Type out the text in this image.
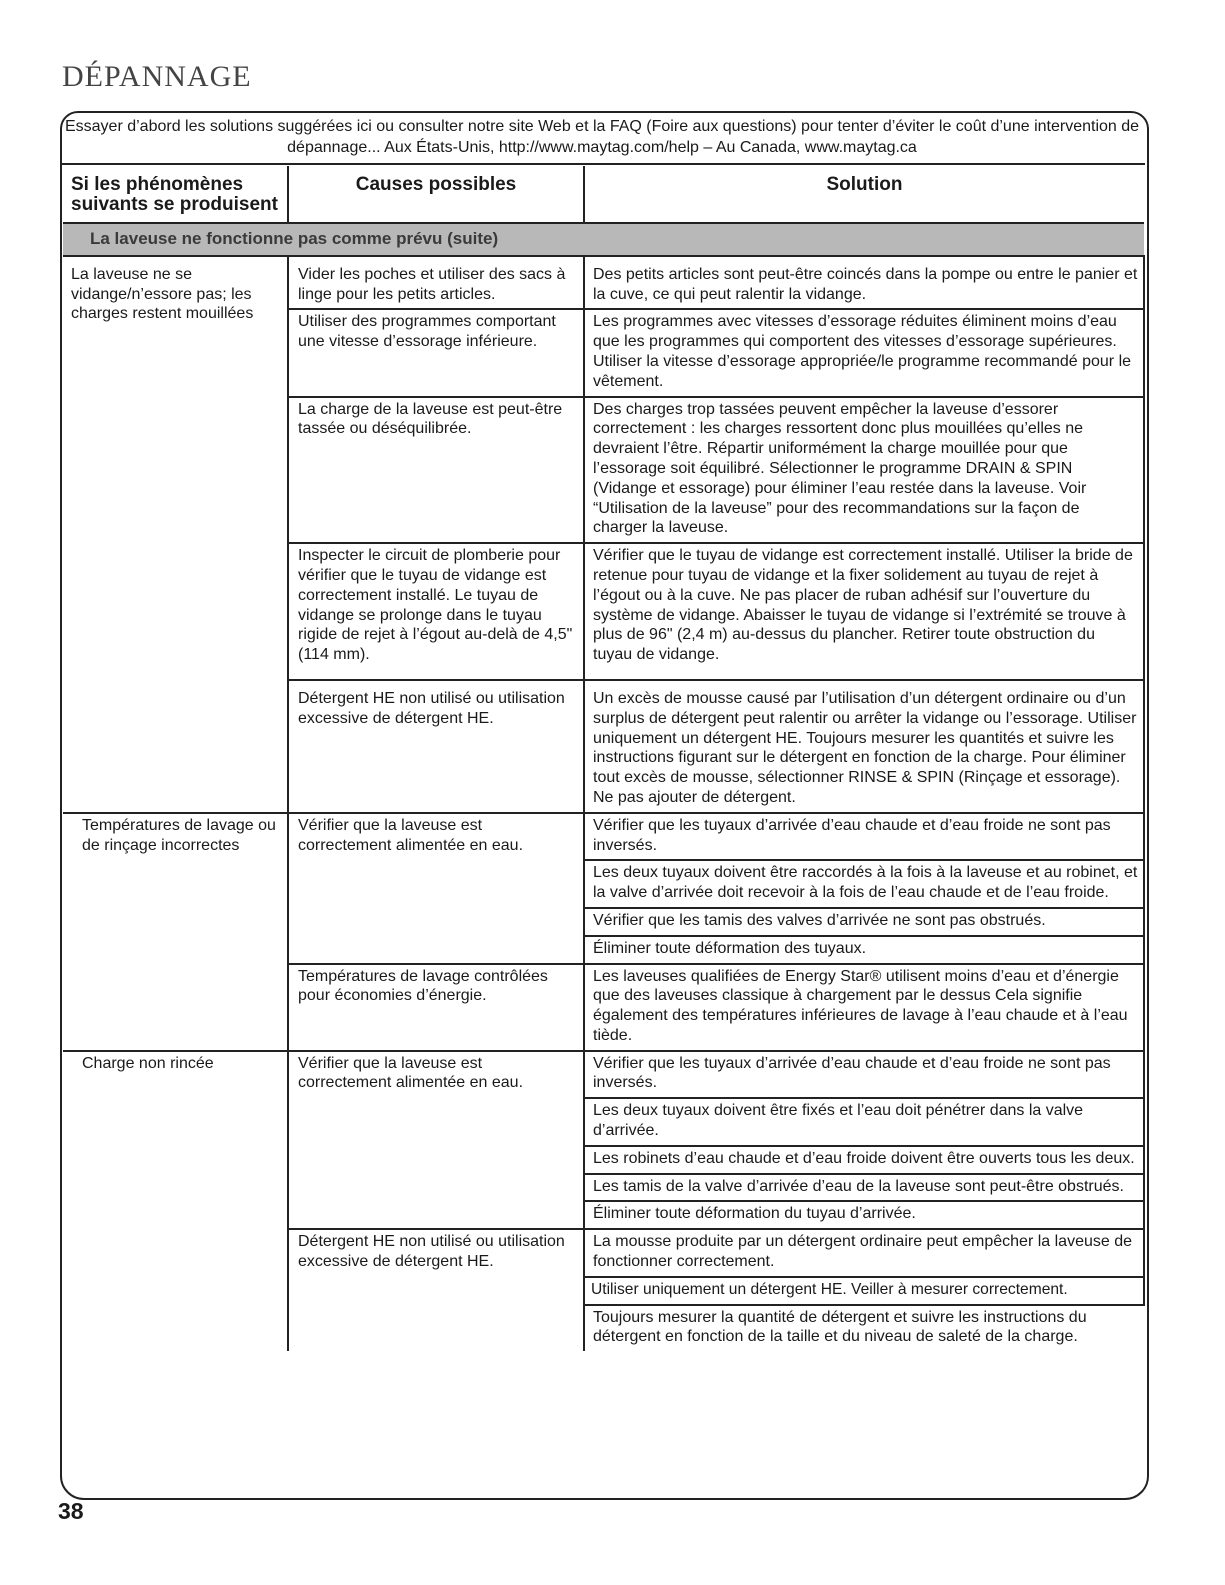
DÉPANNAGE
Essayer d’abord les solutions suggérées ici ou consulter notre site Web et la FAQ (Foire aux questions) pour tenter d’éviter le coût d’une intervention de dépannage... Aux États-Unis, http://www.maytag.com/help – Au Canada, www.maytag.ca
Si les phénomènes suivants se produisent	Causes possibles	Solution
La laveuse ne fonctionne pas comme prévu (suite)		
La laveuse ne se vidange/n’essore pas; les charges restent mouillées	Vider les poches et utiliser des sacs à linge pour les petits articles.	Des petits articles sont peut-être coincés dans la pompe ou entre le panier et la cuve, ce qui peut ralentir la vidange.
	Utiliser des programmes comportant une vitesse d’essorage inférieure.	Les programmes avec vitesses d’essorage réduites éliminent moins d’eau que les programmes qui comportent des vitesses d’essorage supérieures. Utiliser la vitesse d’essorage appropriée/le programme recommandé pour le vêtement.
	La charge de la laveuse est peut-être tassée ou déséquilibrée.	Des charges trop tassées peuvent empêcher la laveuse d’essorer correctement : les charges ressortent donc plus mouillées qu’elles ne devraient l’être. Répartir uniformément la charge mouillée pour que l’essorage soit équilibré. Sélectionner le programme DRAIN & SPIN (Vidange et essorage) pour éliminer l’eau restée dans la laveuse. Voir “Utilisation de la laveuse” pour des recommandations sur la façon de charger la laveuse.
	Inspecter le circuit de plomberie pour vérifier que le tuyau de vidange est correctement installé. Le tuyau de vidange se prolonge dans le tuyau rigide de rejet à l’égout au-delà de 4,5" (114 mm).	Vérifier que le tuyau de vidange est correctement installé. Utiliser la bride de retenue pour tuyau de vidange et la fixer solidement au tuyau de rejet à l’égout ou à la cuve. Ne pas placer de ruban adhésif sur l’ouverture du système de vidange. Abaisser le tuyau de vidange si l’extrémité se trouve à plus de 96" (2,4 m) au-dessus du plancher. Retirer toute obstruction du tuyau de vidange.
	Détergent HE non utilisé ou utilisation excessive de détergent HE.	Un excès de mousse causé par l’utilisation d’un détergent ordinaire ou d’un surplus de détergent peut ralentir ou arrêter la vidange ou l’essorage. Utiliser uniquement un détergent HE. Toujours mesurer les quantités et suivre les instructions figurant sur le détergent en fonction de la charge. Pour éliminer tout excès de mousse, sélectionner RINSE & SPIN (Rinçage et essorage). Ne pas ajouter de détergent.
Températures de lavage ou de rinçage incorrectes	Vérifier que la laveuse est correctement alimentée en eau.	Vérifier que les tuyaux d’arrivée d’eau chaude et d’eau froide ne sont pas inversés.
		Les deux tuyaux doivent être raccordés à la fois à la laveuse et au robinet, et la valve d’arrivée doit recevoir à la fois de l’eau chaude et de l’eau froide.
		Vérifier que les tamis des valves d’arrivée ne sont pas obstrués.
		Éliminer toute déformation des tuyaux.
	Températures de lavage contrôlées pour économies d’énergie.	Les laveuses qualifiées de Energy Star® utilisent moins d’eau et d’énergie que des laveuses classique à chargement par le dessus Cela signifie également des températures inférieures de lavage à l’eau chaude et à l’eau tiède.
Charge non rincée	Vérifier que la laveuse est correctement alimentée en eau.	Vérifier que les tuyaux d’arrivée d’eau chaude et d’eau froide ne sont pas inversés.
		Les deux tuyaux doivent être fixés et l’eau doit pénétrer dans la valve d’arrivée.
		Les robinets d’eau chaude et d’eau froide doivent être ouverts tous les deux.
		Les tamis de la valve d’arrivée d’eau de la laveuse sont peut-être obstrués.
		Éliminer toute déformation du tuyau d’arrivée.
	Détergent HE non utilisé ou utilisation excessive de détergent HE.	La mousse produite par un détergent ordinaire peut empêcher la laveuse de fonctionner correctement.
		Utiliser uniquement un détergent HE. Veiller à mesurer correctement.
		Toujours mesurer la quantité de détergent et suivre les instructions du détergent en fonction de la taille et du niveau de saleté de la charge.
38
